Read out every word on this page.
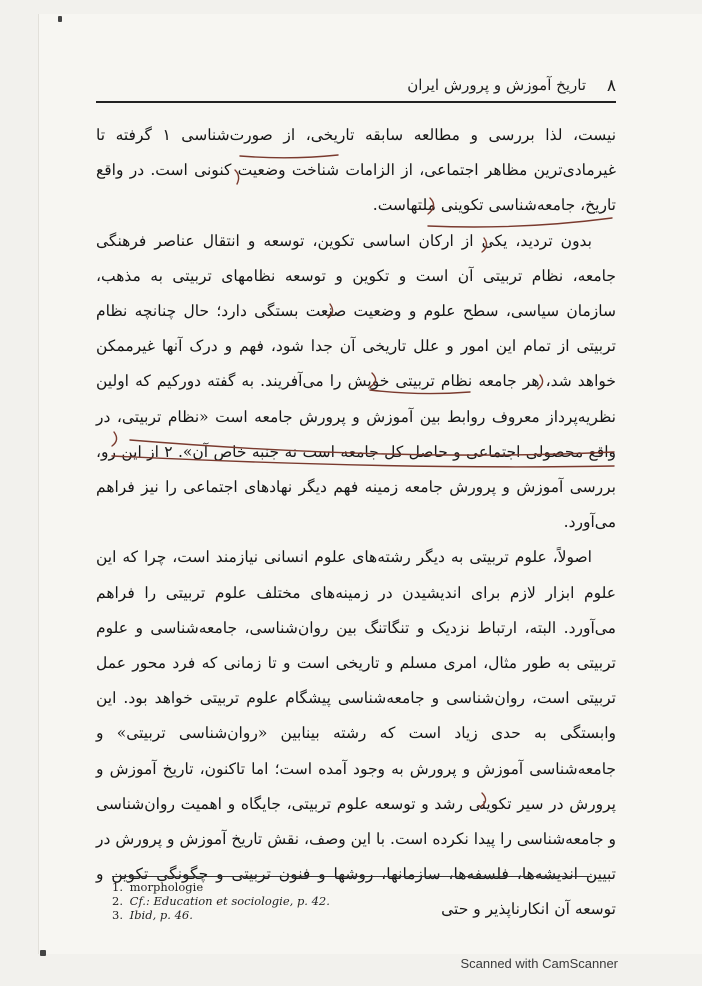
۸
تاریخ آموزش و پرورش ایران

نیست، لذا بررسی و مطالعه سابقه تاریخی، از صورت‌شناسی ۱ گرفته تا غیرمادی‌ترین مظاهر اجتماعی، از الزامات شناخت وضعیت کنونی است. در واقع تاریخ، جامعه‌شناسی تکوینی ملتهاست.

بدون تردید، یکی از ارکان اساسی تکوین، توسعه و انتقال عناصر فرهنگی جامعه، نظام تربیتی آن است و تکوین و توسعه نظامهای تربیتی به مذهب، سازمان سیاسی، سطح علوم و وضعیت صنعت بستگی دارد؛ حال چنانچه نظام تربیتی از تمام این امور و علل تاریخی آن جدا شود، فهم و درک آنها غیرممکن خواهد شد، هر جامعه نظام تربیتی خویش را می‌آفریند. به گفته دورکیم که اولین نظریه‌پرداز معروف روابط بین آموزش و پرورش جامعه است «نظام تربیتی، در واقع محصولی اجتماعی و حاصل کل جامعه است نه جنبه خاص آن». ۲ از این رو، بررسی آموزش و پرورش جامعه زمینه فهم دیگر نهادهای اجتماعی را نیز فراهم می‌آورد.

اصولاً، علوم تربیتی به دیگر رشته‌های علوم انسانی نیازمند است، چرا که این علوم ابزار لازم برای اندیشیدن در زمینه‌های مختلف علوم تربیتی را فراهم می‌آورد. البته، ارتباط نزدیک و تنگاتنگ بین روان‌شناسی، جامعه‌شناسی و علوم تربیتی به طور مثال، امری مسلم و تاریخی است و تا زمانی که فرد محور عمل تربیتی است، روان‌شناسی و جامعه‌شناسی پیشگام علوم تربیتی خواهد بود. این وابستگی به حدی زیاد است که رشته بینابین «روان‌شناسی تربیتی» و جامعه‌شناسی آموزش و پرورش به وجود آمده است؛ اما تاکنون، تاریخ آموزش و پرورش در سیر تکوینی رشد و توسعه علوم تربیتی، جایگاه و اهمیت روان‌شناسی و جامعه‌شناسی را پیدا نکرده است. با این وصف، نقش تاریخ آموزش و پرورش در تبیین اندیشه‌ها، فلسفه‌ها، سازمانها، روشها و فنون تربیتی و چگونگی تکوین و توسعه آن انکارناپذیر و حتی

1. morphologie
2. Cf.: Education et sociologie, p. 42.
3. Ibid, p. 46.
Scanned with CamScanner
